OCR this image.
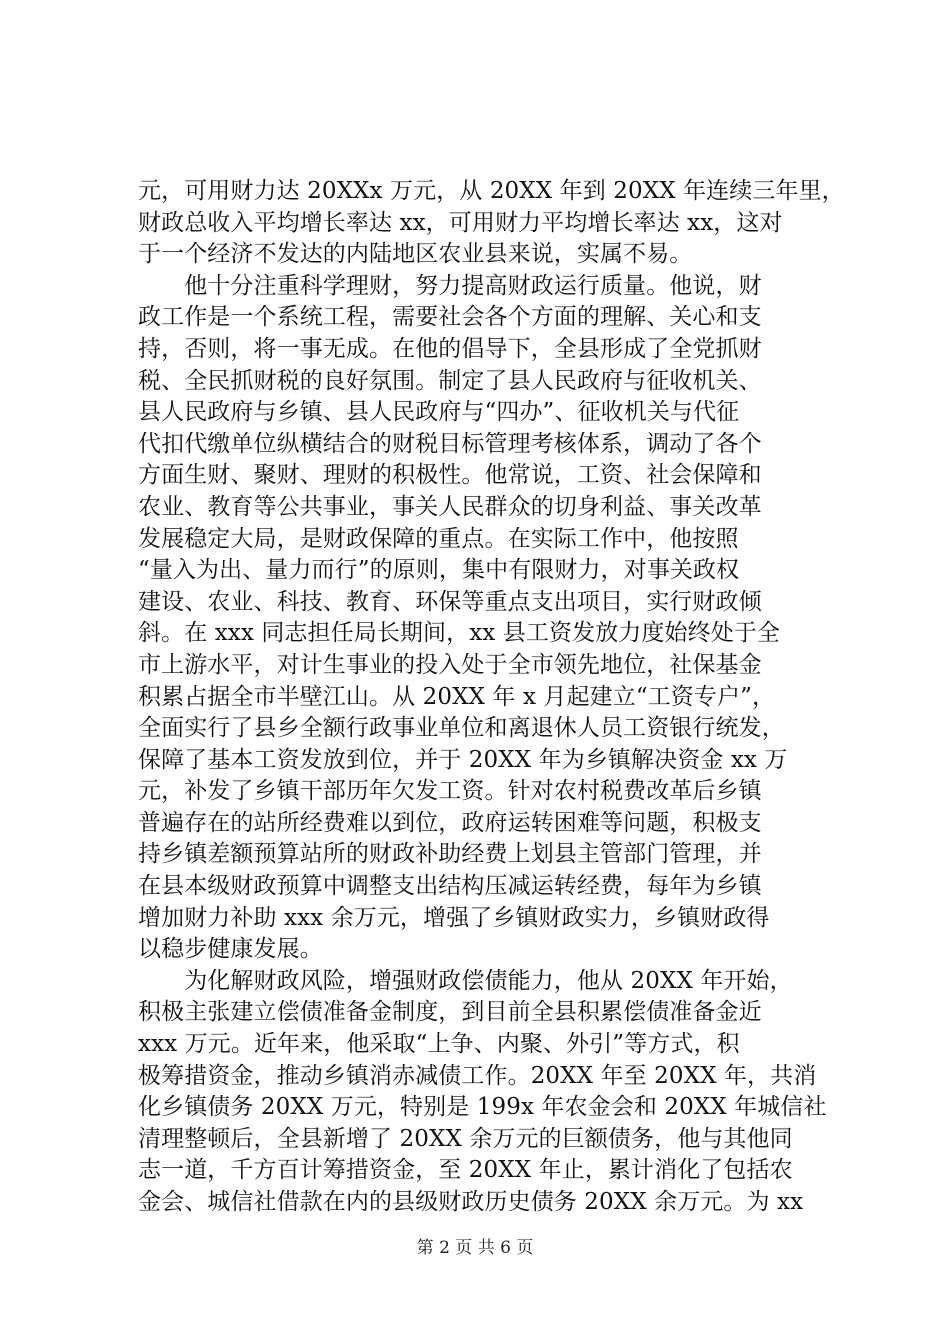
元，可用财力达 20XXx 万元，从 20XX 年到 20XX 年连续三年里，
财政总收入平均增长率达 xx，可用财力平均增长率达 xx，这对
于一个经济不发达的内陆地区农业县来说，实属不易。
　　他十分注重科学理财，努力提高财政运行质量。他说，财
政工作是一个系统工程，需要社会各个方面的理解、关心和支
持，否则，将一事无成。在他的倡导下，全县形成了全党抓财
税、全民抓财税的良好氛围。制定了县人民政府与征收机关、
县人民政府与乡镇、县人民政府与“四办”、征收机关与代征
代扣代缴单位纵横结合的财税目标管理考核体系，调动了各个
方面生财、聚财、理财的积极性。他常说，工资、社会保障和
农业、教育等公共事业，事关人民群众的切身利益、事关改革
发展稳定大局，是财政保障的重点。在实际工作中，他按照
“量入为出、量力而行”的原则，集中有限财力，对事关政权
建设、农业、科技、教育、环保等重点支出项目，实行财政倾
斜。在 xxx 同志担任局长期间，xx 县工资发放力度始终处于全
市上游水平，对计生事业的投入处于全市领先地位，社保基金
积累占据全市半壁江山。从 20XX 年 x 月起建立“工资专户”，
全面实行了县乡全额行政事业单位和离退休人员工资银行统发，
保障了基本工资发放到位，并于 20XX 年为乡镇解决资金 xx 万
元，补发了乡镇干部历年欠发工资。针对农村税费改革后乡镇
普遍存在的站所经费难以到位，政府运转困难等问题，积极支
持乡镇差额预算站所的财政补助经费上划县主管部门管理，并
在县本级财政预算中调整支出结构压减运转经费，每年为乡镇
增加财力补助 xxx 余万元，增强了乡镇财政实力，乡镇财政得
以稳步健康发展。
　　为化解财政风险，增强财政偿债能力，他从 20XX 年开始，
积极主张建立偿债准备金制度，到目前全县积累偿债准备金近
xxx 万元。近年来，他采取“上争、内聚、外引”等方式，积
极筹措资金，推动乡镇消赤减债工作。20XX 年至 20XX 年，共消
化乡镇债务 20XX 万元，特别是 199x 年农金会和 20XX 年城信社
清理整顿后，全县新增了 20XX 余万元的巨额债务，他与其他同
志一道，千方百计筹措资金，至 20XX 年止，累计消化了包括农
金会、城信社借款在内的县级财政历史债务 20XX 余万元。为 xx
第 2 页 共 6 页
